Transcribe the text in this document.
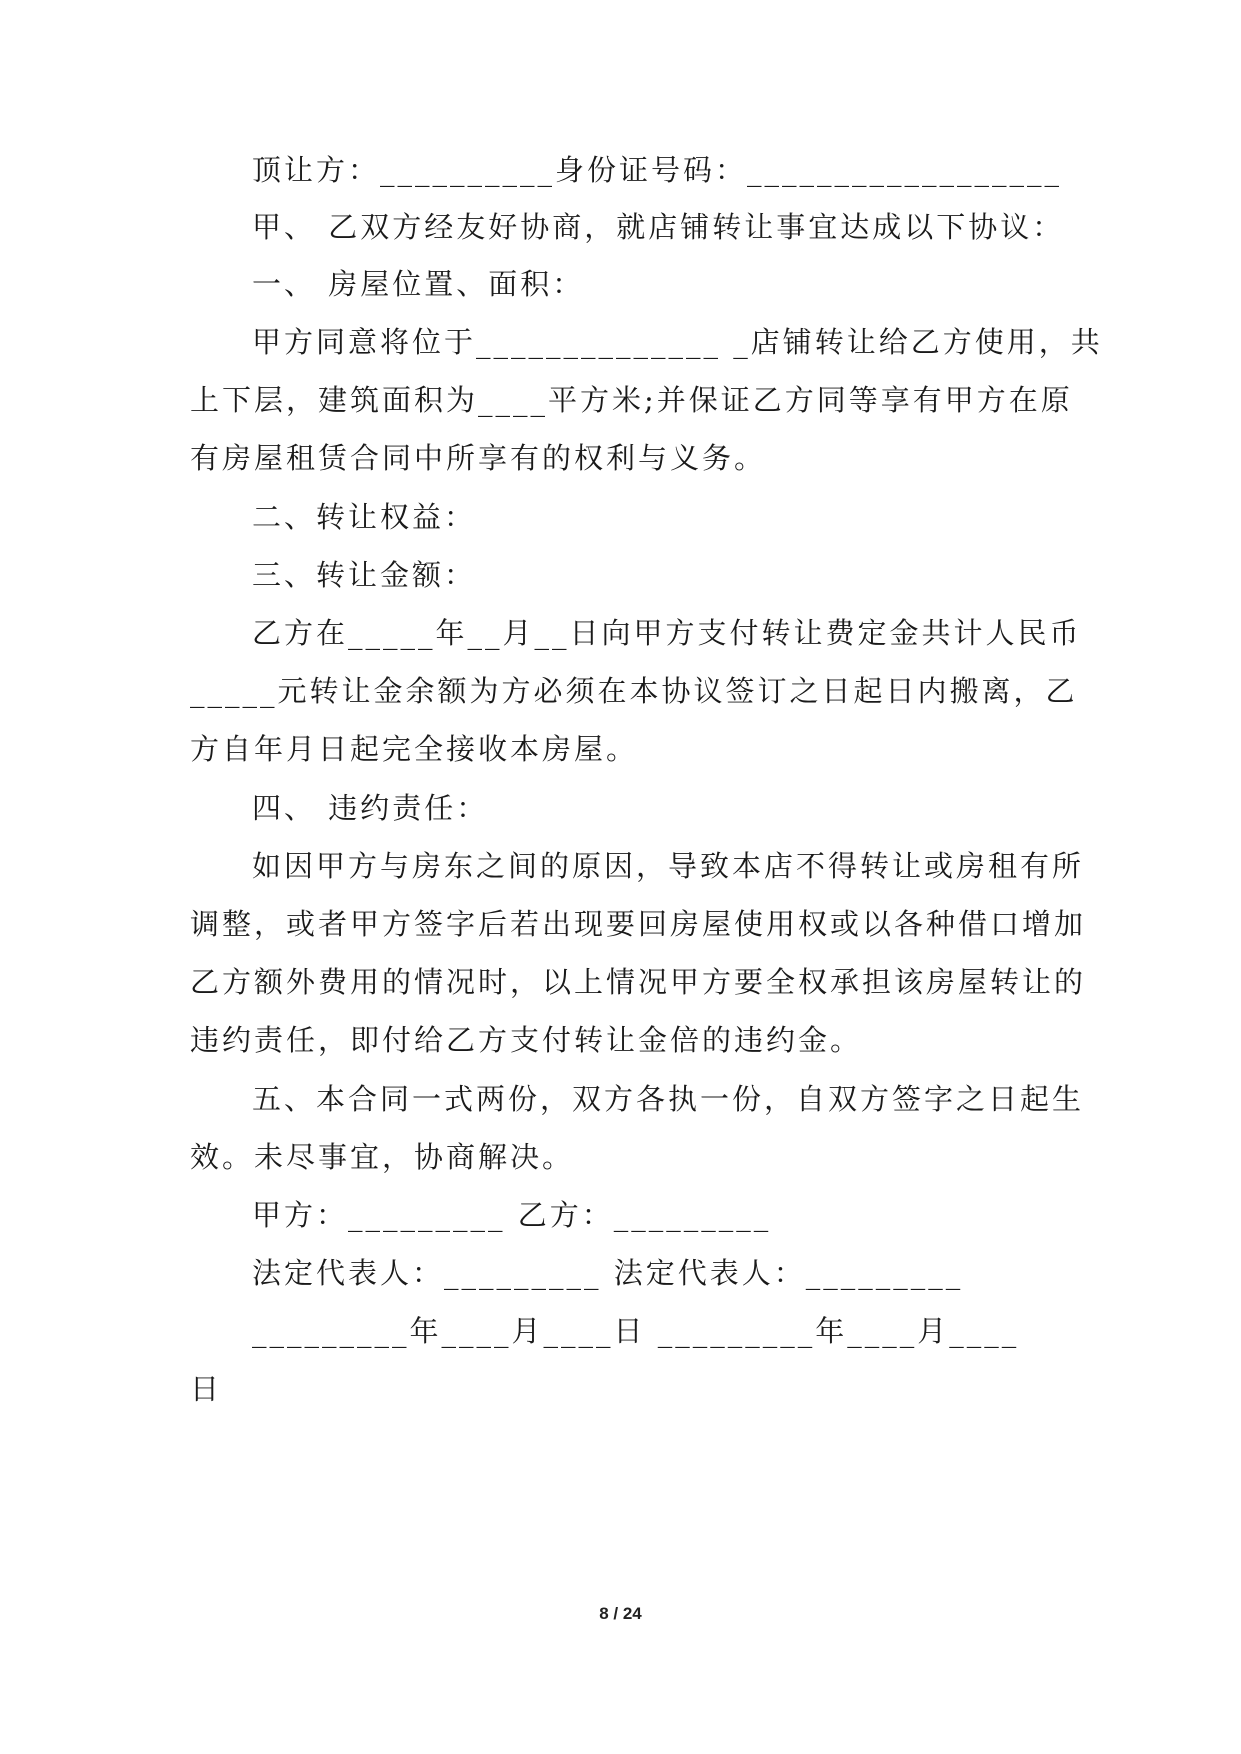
顶让方：__________身份证号码：__________________
甲、 乙双方经友好协商，就店铺转让事宜达成以下协议：
一、 房屋位置、面积：
甲方同意将位于______________ _店铺转让给乙方使用，共
上下层，建筑面积为____平方米;并保证乙方同等享有甲方在原
有房屋租赁合同中所享有的权利与义务。
二、转让权益：
三、转让金额：
乙方在_____年__月__日向甲方支付转让费定金共计人民币
_____元转让金余额为方必须在本协议签订之日起日内搬离，乙
方自年月日起完全接收本房屋。
四、 违约责任：
如因甲方与房东之间的原因，导致本店不得转让或房租有所
调整，或者甲方签字后若出现要回房屋使用权或以各种借口增加
乙方额外费用的情况时，以上情况甲方要全权承担该房屋转让的
违约责任，即付给乙方支付转让金倍的违约金。
五、本合同一式两份，双方各执一份，自双方签字之日起生
效。未尽事宜，协商解决。
甲方：_________ 乙方：_________
法定代表人：_________ 法定代表人：_________
_________年____月____日 _________年____月____
日
8 / 24
